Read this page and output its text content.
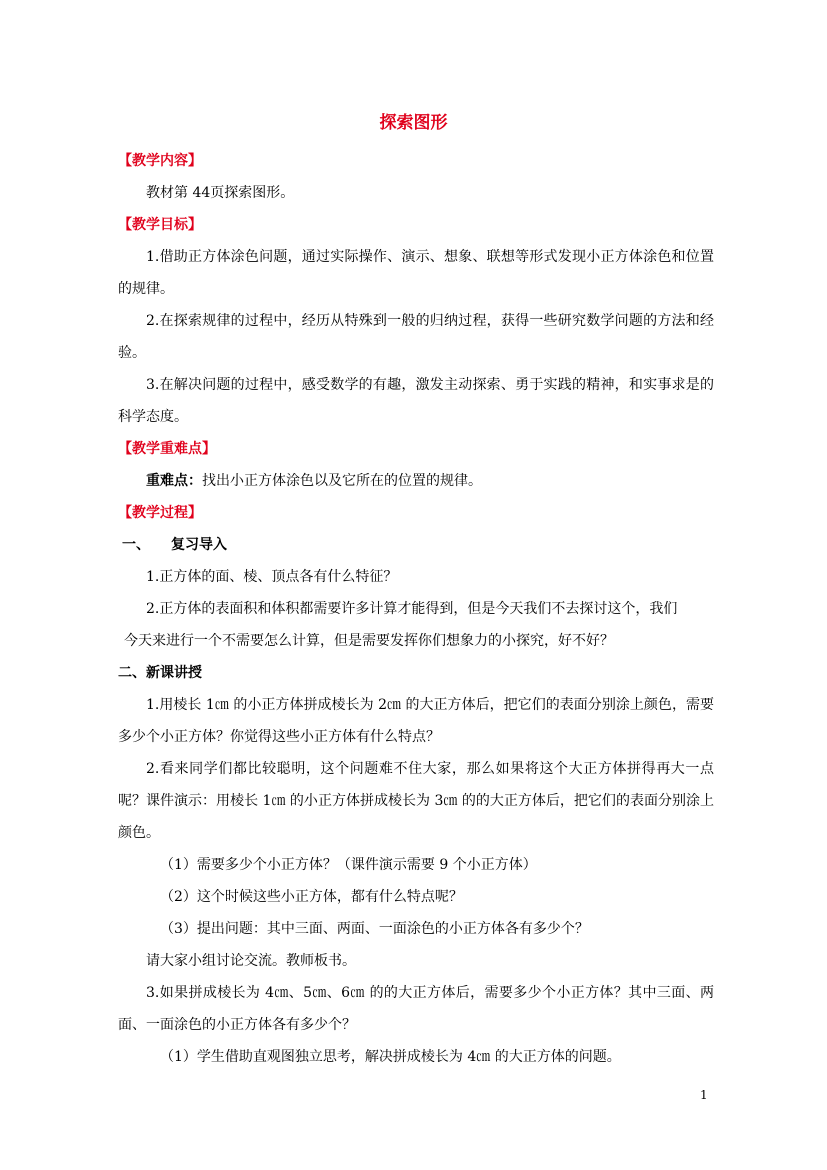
探索图形
【教学内容】
教材第 44页探索图形。
【教学目标】
1.借助正方体涂色问题，通过实际操作、演示、想象、联想等形式发现小正方体涂色和位置的规律。
2.在探索规律的过程中，经历从特殊到一般的归纳过程，获得一些研究数学问题的方法和经验。
3.在解决问题的过程中，感受数学的有趣，激发主动探索、勇于实践的精神，和实事求是的科学态度。
【教学重难点】
重难点：找出小正方体涂色以及它所在的位置的规律。
【教学过程】
一、　　复习导入
1.正方体的面、棱、顶点各有什么特征？
2.正方体的表面积和体积都需要许多计算才能得到，但是今天我们不去探讨这个，我们
今天来进行一个不需要怎么计算，但是需要发挥你们想象力的小探究，好不好？
二、新课讲授
1.用棱长 1㎝ 的小正方体拼成棱长为 2㎝ 的大正方体后，把它们的表面分别涂上颜色，需要多少个小正方体？你觉得这些小正方体有什么特点？
2.看来同学们都比较聪明，这个问题难不住大家，那么如果将这个大正方体拼得再大一点呢？课件演示：用棱长 1㎝ 的小正方体拼成棱长为 3㎝ 的的大正方体后，把它们的表面分别涂上颜色。
（1）需要多少个小正方体？（课件演示需要 9 个小正方体）
（2）这个时候这些小正方体，都有什么特点呢？
（3）提出问题：其中三面、两面、一面涂色的小正方体各有多少个？
请大家小组讨论交流。教师板书。
3.如果拼成棱长为 4㎝、5㎝、6㎝ 的的大正方体后，需要多少个小正方体？其中三面、两面、一面涂色的小正方体各有多少个？
（1）学生借助直观图独立思考，解决拼成棱长为 4㎝ 的大正方体的问题。
1
